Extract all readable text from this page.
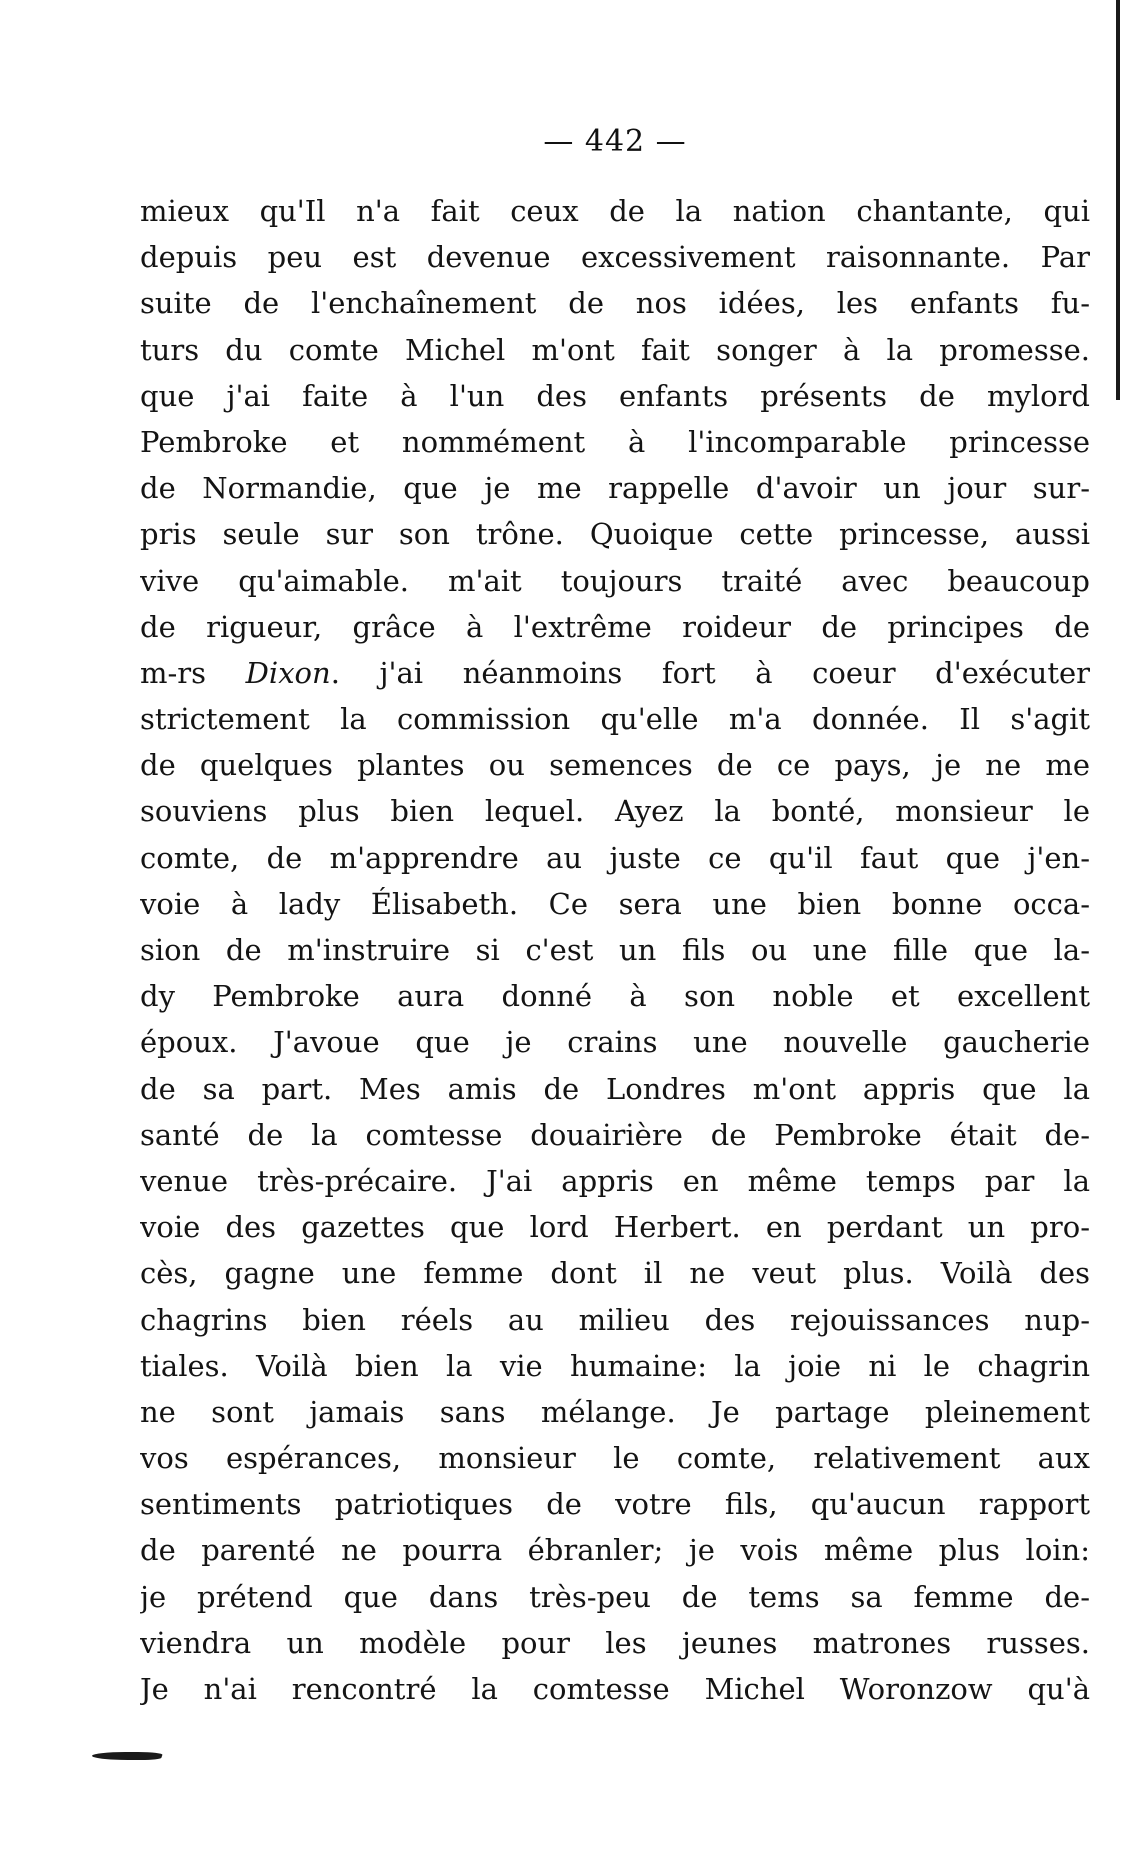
— 442 —
mieux qu'Il n'a fait ceux de la nation chantante, qui
depuis peu est devenue excessivement raisonnante. Par
suite de l'enchaînement de nos idées, les enfants fu-
turs du comte Michel m'ont fait songer à la promesse.
que j'ai faite à l'un des enfants présents de mylord
Pembroke et nommément à l'incomparable princesse
de Normandie, que je me rappelle d'avoir un jour sur-
pris seule sur son trône. Quoique cette princesse, aussi
vive qu'aimable. m'ait toujours traité avec beaucoup
de rigueur, grâce à l'extrême roideur de principes de
m-rs Dixon. j'ai néanmoins fort à coeur d'exécuter
strictement la commission qu'elle m'a donnée. Il s'agit
de quelques plantes ou semences de ce pays, je ne me
souviens plus bien lequel. Ayez la bonté, monsieur le
comte, de m'apprendre au juste ce qu'il faut que j'en-
voie à lady Élisabeth. Ce sera une bien bonne occa-
sion de m'instruire si c'est un fils ou une fille que la-
dy Pembroke aura donné à son noble et excellent
époux. J'avoue que je crains une nouvelle gaucherie
de sa part. Mes amis de Londres m'ont appris que la
santé de la comtesse douairière de Pembroke était de-
venue très-précaire. J'ai appris en même temps par la
voie des gazettes que lord Herbert. en perdant un pro-
cès, gagne une femme dont il ne veut plus. Voilà des
chagrins bien réels au milieu des rejouissances nup-
tiales. Voilà bien la vie humaine: la joie ni le chagrin
ne sont jamais sans mélange. Je partage pleinement
vos espérances, monsieur le comte, relativement aux
sentiments patriotiques de votre fils, qu'aucun rapport
de parenté ne pourra ébranler; je vois même plus loin:
je prétend que dans très-peu de tems sa femme de-
viendra un modèle pour les jeunes matrones russes.
Je n'ai rencontré la comtesse Michel Woronzow qu'à
